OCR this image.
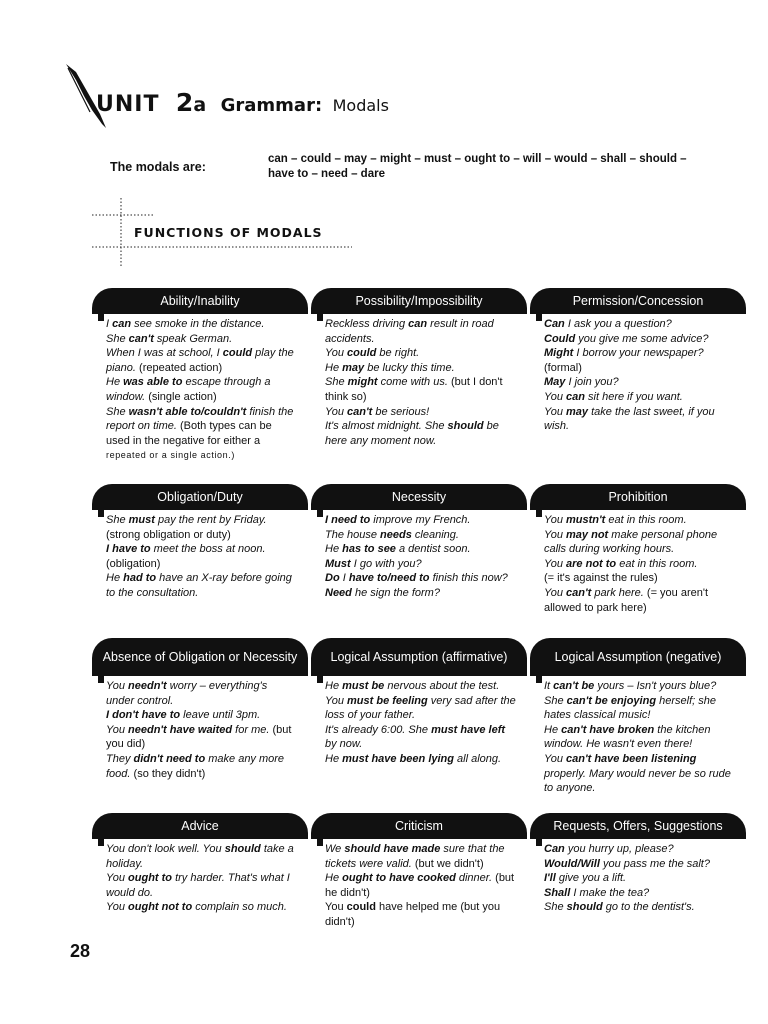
UNIT 2a Grammar: Modals
The modals are:
can – could – may – might – must – ought to – will – would – shall – should – have to – need – dare
FUNCTIONS OF MODALS
Ability/Inability

I can see smoke in the distance.
She can't speak German.
When I was at school, I could play the piano. (repeated action)
He was able to escape through a window. (single action)
She wasn't able to/couldn't finish the report on time. (Both types can be used in the negative for either a repeated or a single action.)

Possibility/Impossibility

Reckless driving can result in road accidents.
You could be right.
He may be lucky this time.
She might come with us. (but I don't think so)
You can't be serious!
It's almost midnight. She should be here any moment now.

Permission/Concession

Can I ask you a question?
Could you give me some advice?
Might I borrow your newspaper? (formal)
May I join you?
You can sit here if you want.
You may take the last sweet, if you wish.

Obligation/Duty

She must pay the rent by Friday. (strong obligation or duty)
I have to meet the boss at noon. (obligation)
He had to have an X-ray before going to the consultation.

Necessity

I need to improve my French.
The house needs cleaning.
He has to see a dentist soon.
Must I go with you?
Do I have to/need to finish this now?
Need he sign the form?

Prohibition

You mustn't eat in this room.
You may not make personal phone calls during working hours.
You are not to eat in this room.
(= it's against the rules)
You can't park here. (= you aren't allowed to park here)

Absence of Obligation or Necessity

You needn't worry – everything's under control.
I don't have to leave until 3pm.
You needn't have waited for me. (but you did)
They didn't need to make any more food. (so they didn't)

Logical Assumption (affirmative)

He must be nervous about the test.
You must be feeling very sad after the loss of your father.
It's already 6:00. She must have left by now.
He must have been lying all along.

Logical Assumption (negative)

It can't be yours – Isn't yours blue?
She can't be enjoying herself; she hates classical music!
He can't have broken the kitchen window. He wasn't even there!
You can't have been listening properly. Mary would never be so rude to anyone.

Advice

You don't look well. You should take a holiday.
You ought to try harder. That's what I would do.
You ought not to complain so much.

Criticism

We should have made sure that the tickets were valid. (but we didn't)
He ought to have cooked dinner. (but he didn't)
You could have helped me (but you didn't)

Requests, Offers, Suggestions

Can you hurry up, please?
Would/Will you pass me the salt?
I'll give you a lift.
Shall I make the tea?
She should go to the dentist's.

28
